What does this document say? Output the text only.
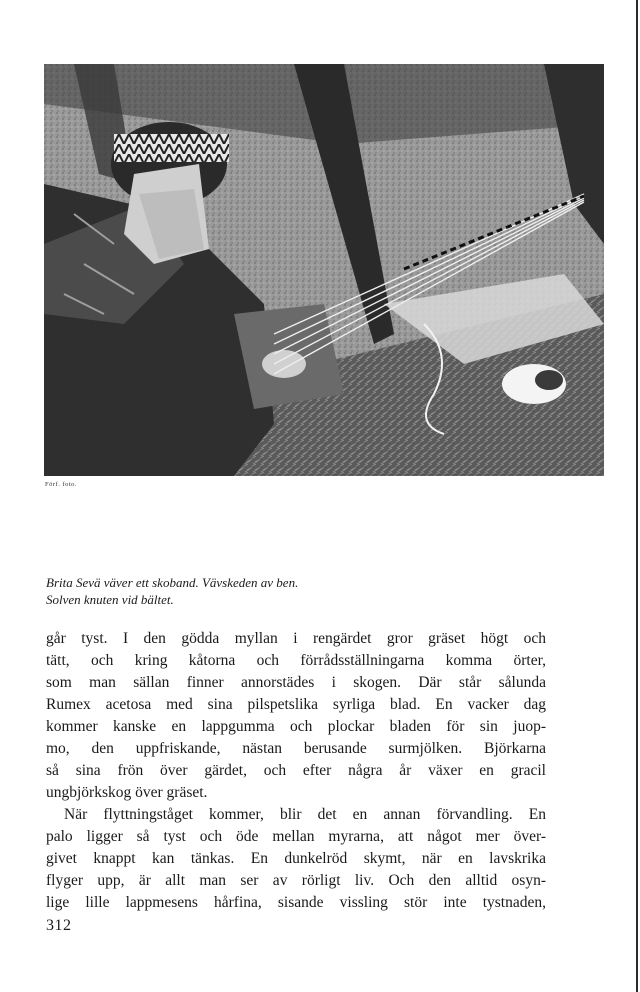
Förf. foto.
Brita Sevä väver ett skoband. Vävskeden av ben.
Solven knuten vid bältet.
går tyst. I den gödda myllan i rengärdet gror gräset högt och
tätt, och kring kåtorna och förrådsställningarna komma örter,
som man sällan finner annorstädes i skogen. Där står sålunda
Rumex acetosa med sina pilspetslika syrliga blad. En vacker dag
kommer kanske en lappgumma och plockar bladen för sin juop-
mo, den uppfriskande, nästan berusande surmjölken. Björkarna
så sina frön över gärdet, och efter några år växer en gracil
ungbjörkskog över gräset.
När flyttningståget kommer, blir det en annan förvandling. En
palo ligger så tyst och öde mellan myrarna, att något mer över-
givet knappt kan tänkas. En dunkelröd skymt, när en lavskrika
flyger upp, är allt man ser av rörligt liv. Och den alltid osyn-
lige lille lappmesens hårfina, sisande vissling stör inte tystnaden,
312
